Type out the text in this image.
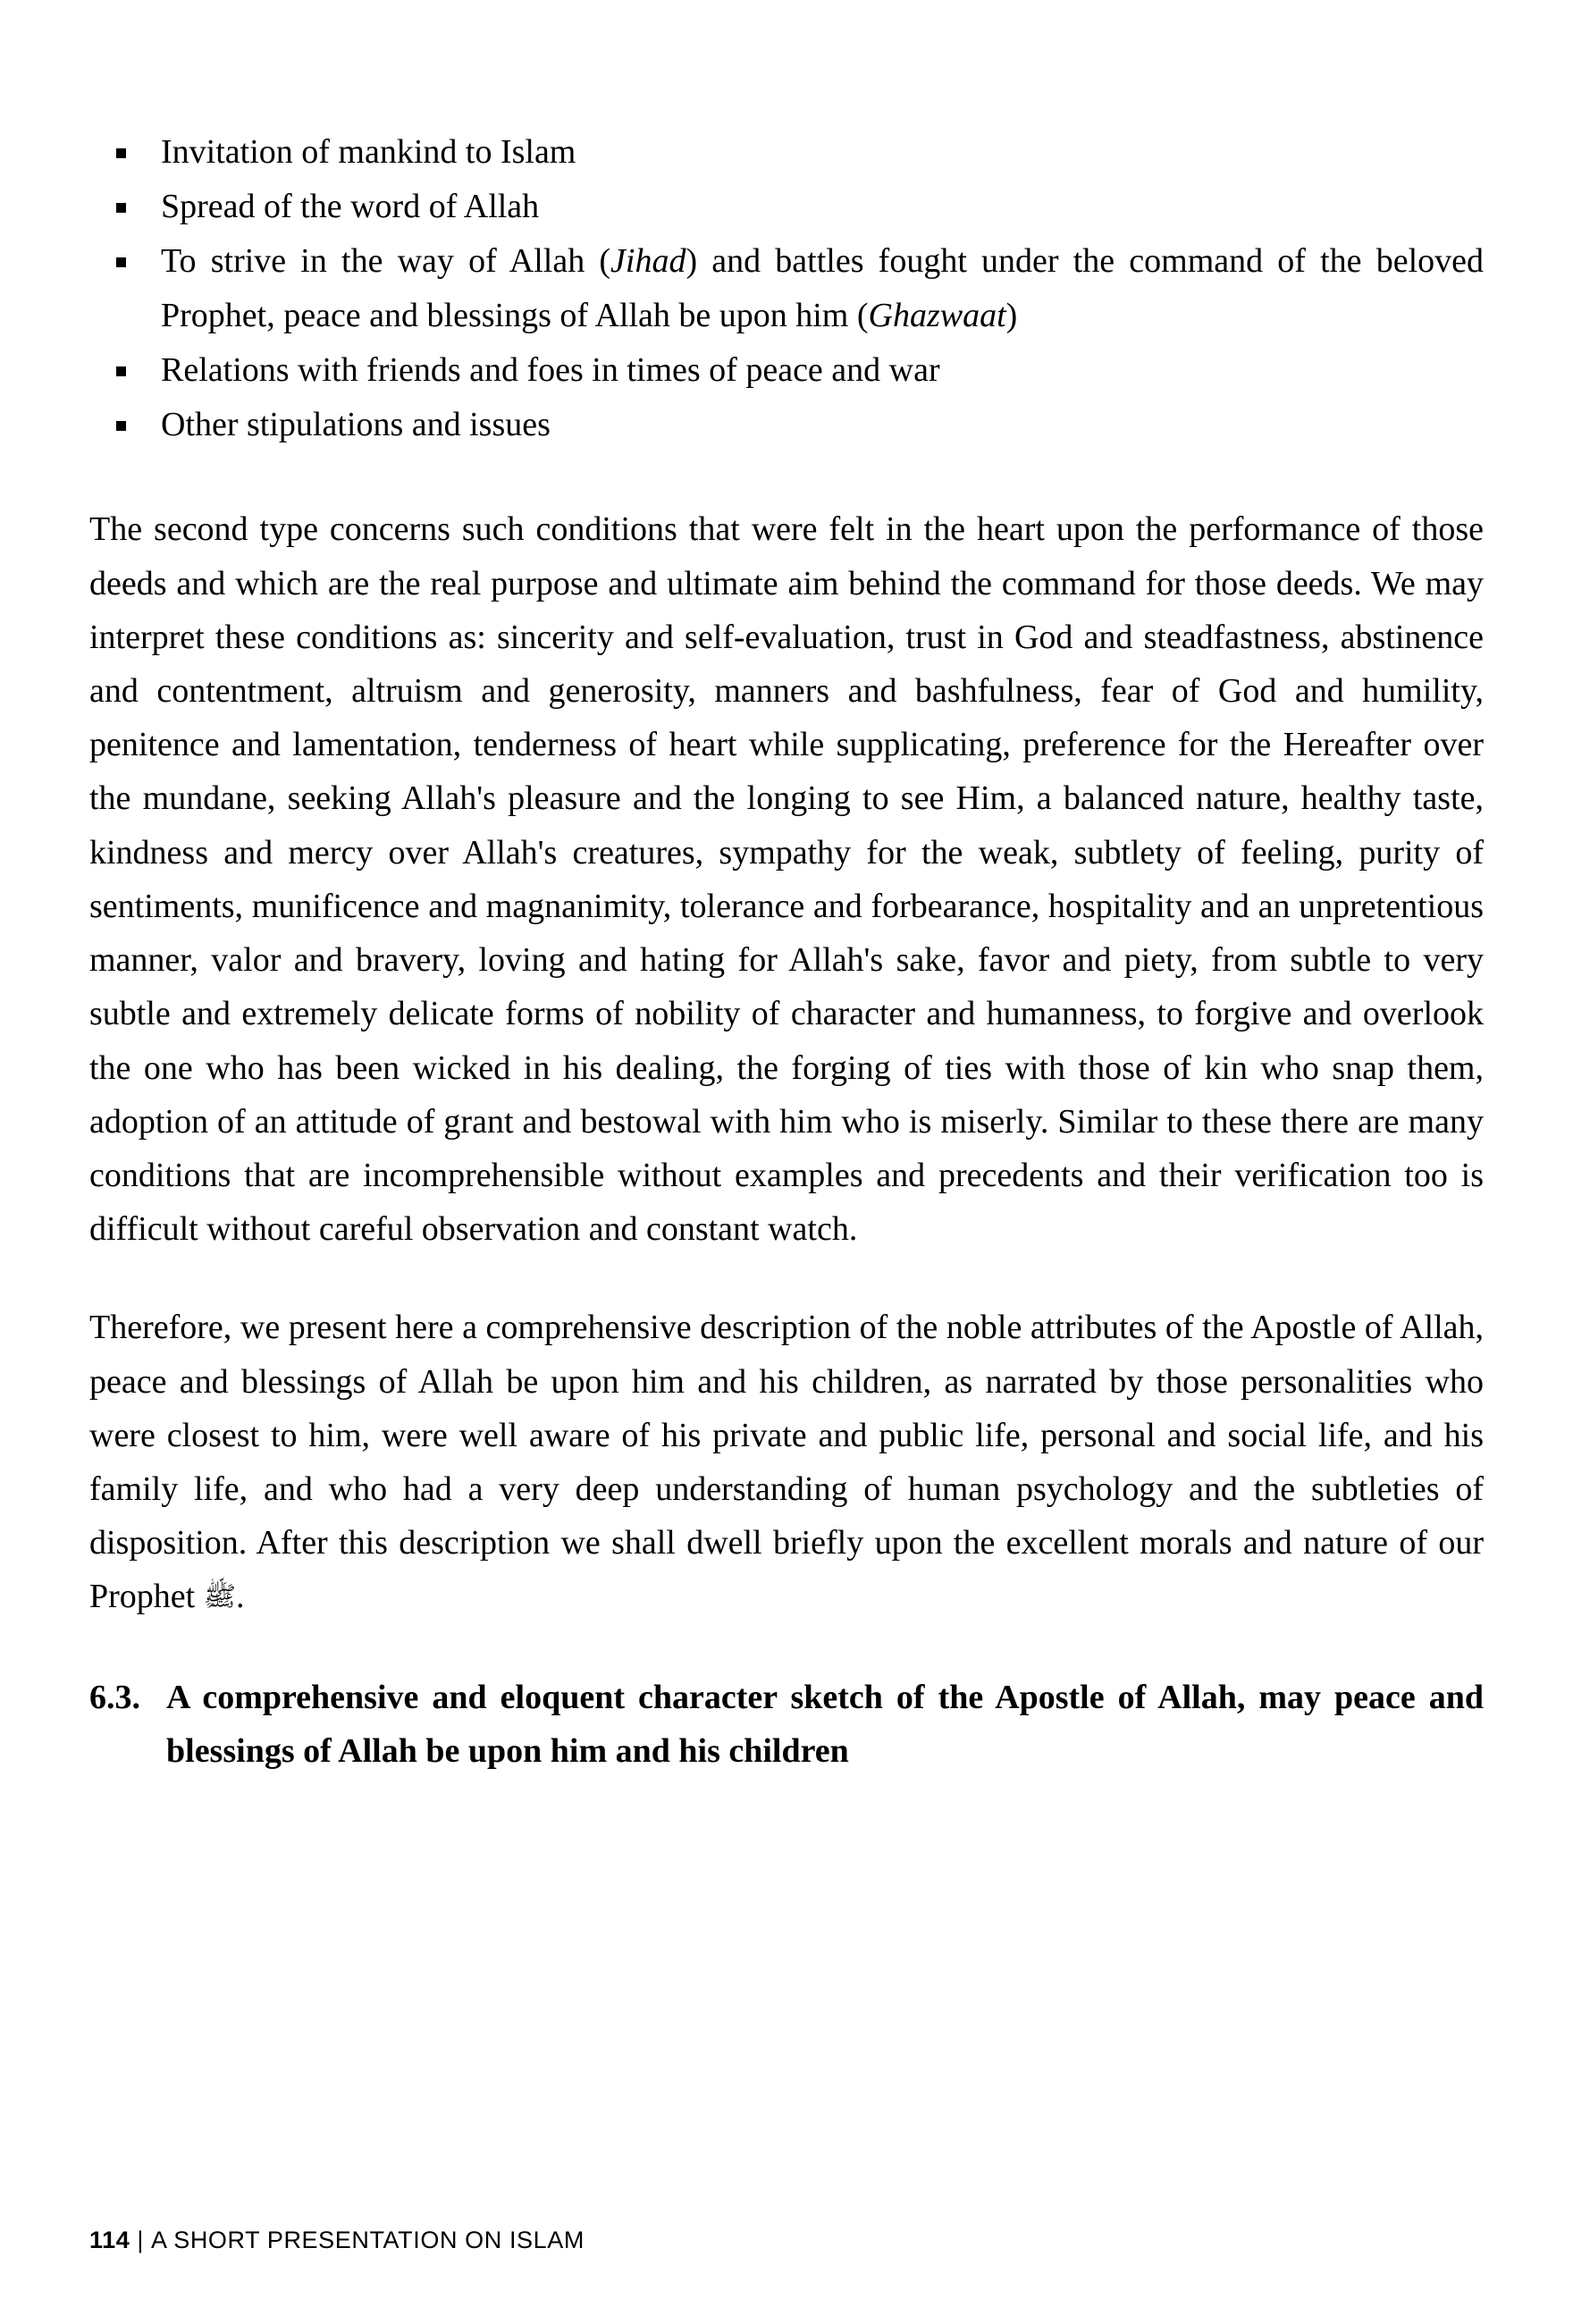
Invitation of mankind to Islam
Spread of the word of Allah
To strive in the way of Allah (Jihad) and battles fought under the command of the beloved Prophet, peace and blessings of Allah be upon him (Ghazwaat)
Relations with friends and foes in times of peace and war
Other stipulations and issues

The second type concerns such conditions that were felt in the heart upon the performance of those deeds and which are the real purpose and ultimate aim behind the command for those deeds. We may interpret these conditions as: sincerity and self-evaluation, trust in God and steadfastness, abstinence and contentment, altruism and generosity, manners and bashfulness, fear of God and humility, penitence and lamentation, tenderness of heart while supplicating, preference for the Hereafter over the mundane, seeking Allah's pleasure and the longing to see Him, a balanced nature, healthy taste, kindness and mercy over Allah's creatures, sympathy for the weak, subtlety of feeling, purity of sentiments, munificence and magnanimity, tolerance and forbearance, hospitality and an unpretentious manner, valor and bravery, loving and hating for Allah's sake, favor and piety, from subtle to very subtle and extremely delicate forms of nobility of character and humanness, to forgive and overlook the one who has been wicked in his dealing, the forging of ties with those of kin who snap them, adoption of an attitude of grant and bestowal with him who is miserly. Similar to these there are many conditions that are incomprehensible without examples and precedents and their verification too is difficult without careful observation and constant watch.

Therefore, we present here a comprehensive description of the noble attributes of the Apostle of Allah, peace and blessings of Allah be upon him and his children, as narrated by those personalities who were closest to him, were well aware of his private and public life, personal and social life, and his family life, and who had a very deep understanding of human psychology and the subtleties of disposition. After this description we shall dwell briefly upon the excellent morals and nature of our Prophet ﷺ.

6.3. A comprehensive and eloquent character sketch of the Apostle of Allah, may peace and blessings of Allah be upon him and his children
114 | A SHORT PRESENTATION ON ISLAM
